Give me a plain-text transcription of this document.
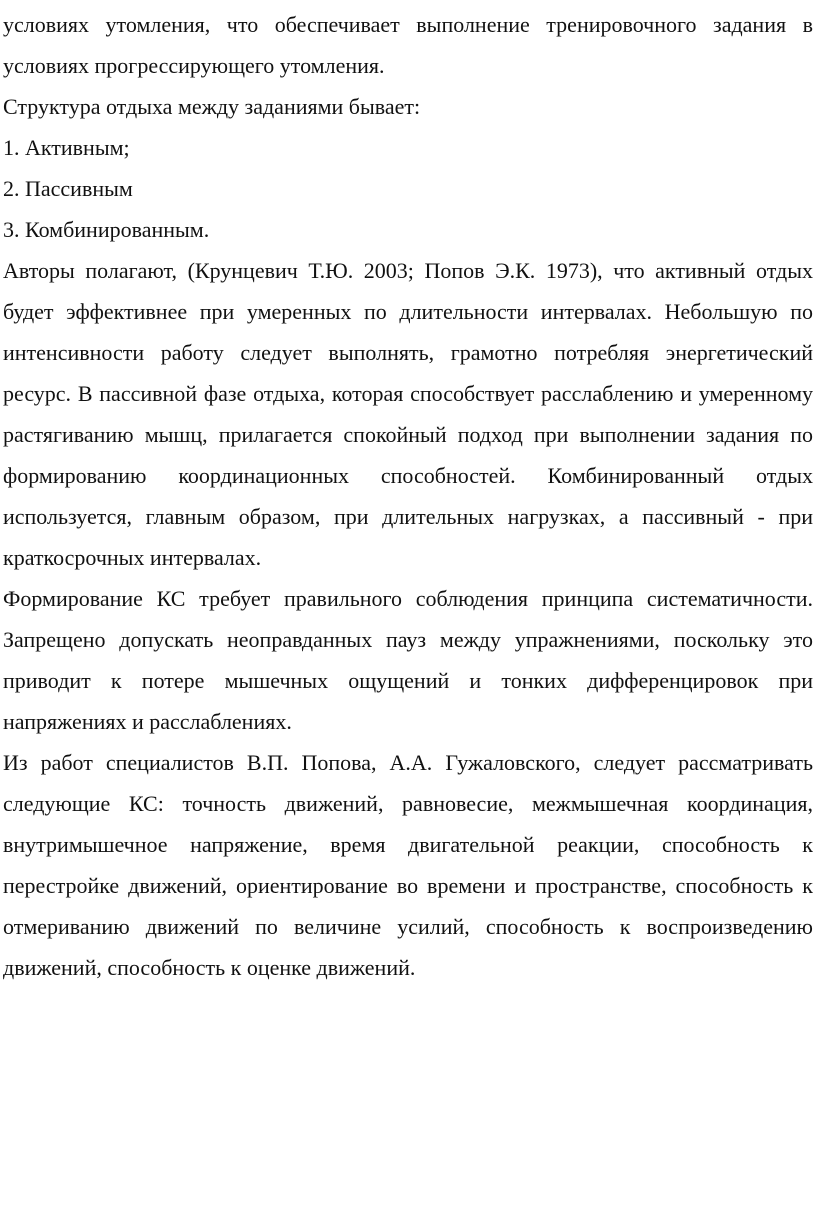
условиях утомления, что обеспечивает выполнение тренировочного задания в условиях прогрессирующего утомления.

Структура отдыха между заданиями бывает:

1. Активным;

2. Пассивным

3. Комбинированным.

Авторы полагают, (Крунцевич Т.Ю. 2003; Попов Э.К. 1973), что активный отдых будет эффективнее при умеренных по длительности интервалах. Небольшую по интенсивности работу следует выполнять, грамотно потребляя энергетический ресурс. В пассивной фазе отдыха, которая способствует расслаблению и умеренному растягиванию мышц, прилагается спокойный подход при выполнении задания по формированию координационных способностей. Комбинированный отдых используется, главным образом, при длительных нагрузках, а пассивный - при краткосрочных интервалах.

Формирование КС требует правильного соблюдения принципа систематичности. Запрещено допускать неоправданных пауз между упражнениями, поскольку это приводит к потере мышечных ощущений и тонких дифференцировок при напряжениях и расслаблениях.

Из работ специалистов В.П. Попова, А.А. Гужаловского, следует рассматривать следующие КС: точность движений, равновесие, межмышечная координация, внутримышечное напряжение, время двигательной реакции, способность к перестройке движений, ориентирование во времени и пространстве, способность к отмериванию движений по величине усилий, способность к воспроизведению движений, способность к оценке движений.
